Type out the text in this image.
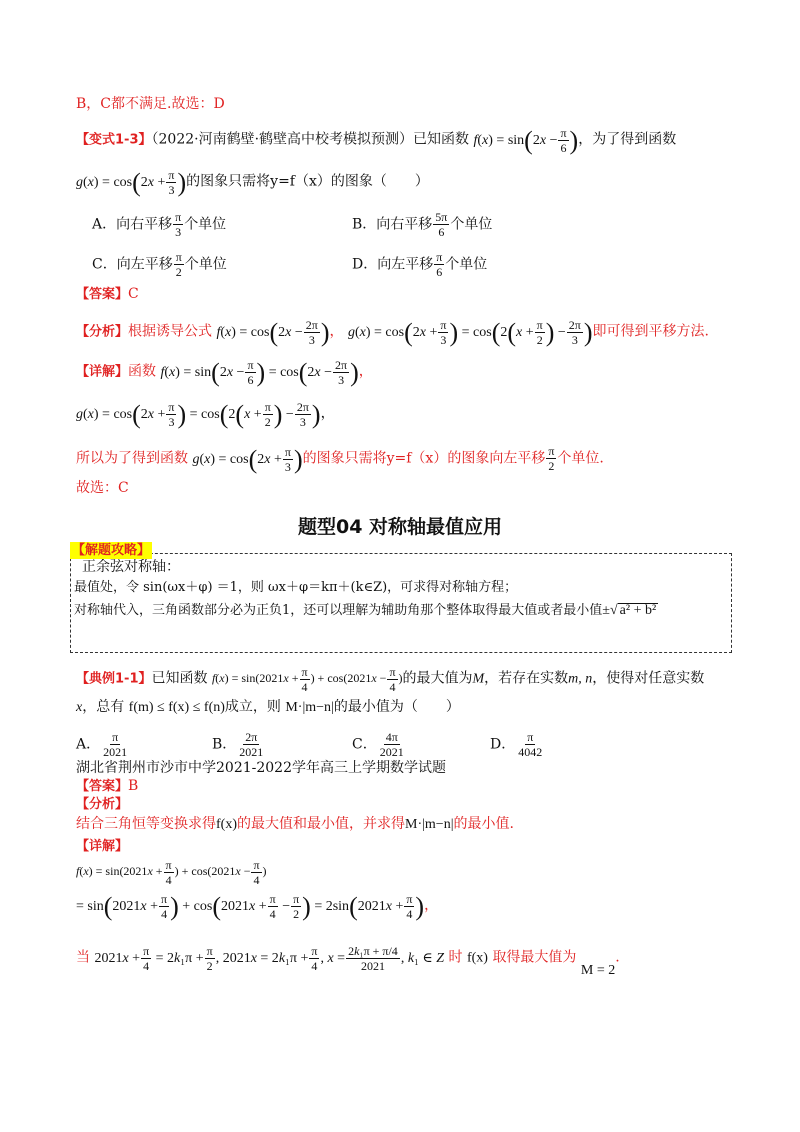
B，C都不满足.故选：D
【变式1-3】（2022·河南鹤壁·鹤壁高中校考模拟预测）已知函数 $f(x) = \sin(2x - \frac{\pi}{6}$ )，为了得到函数
$g(x) = \cos(2x + \frac{\pi}{3}$ )的图象只需将y=f（x）的图象（　　）
A．向右平移 $\frac{\pi}{3}$ 个单位	B．向右平移 $\frac{5\pi}{6}$ 个单位
C．向左平移 $\frac{\pi}{2}$ 个单位	D．向左平移 $\frac{\pi}{6}$ 个单位
【答案】C
【分析】根据诱导公式 $f(x) = \cos(2x - \frac{2\pi}{3}$ )， $g(x) = \cos(2x + \frac{\pi}{3}$ ) = $\cos(2(x + \frac{\pi}{2}$ ) − $\frac{2\pi}{3}$ )即可得到平移方法.
【详解】函数 $f(x) = \sin(2x - \frac{\pi}{6}$ ) = $\cos(2x - \frac{2\pi}{3}$ )，
$g(x) = \cos(2x + \frac{\pi}{3}$ ) = $\cos(2(x + \frac{\pi}{2}$ ) − $\frac{2\pi}{3}$ )，
所以为了得到函数 $g(x) = \cos(2x + \frac{\pi}{3}$ )的图象只需将y=f（x）的图象向左平移 $\frac{\pi}{2}$ 个单位.
故选：C
题型04 对称轴最值应用
【解题攻略】
正余弦对称轴：
最值处，令 sin(ωx＋φ) ＝1，则 ωx＋φ＝kπ＋(k∈Z)，可求得对称轴方程；
对称轴代入，三角函数部分必为正负1，还可以理解为辅助角那个整体取得最大值或者最小值±√ a² + b²
【典例1-1】已知函数 $f(x) = \sin(2021x + \frac{\pi}{4}$ ) + $\cos(2021x - \frac{\pi}{4}$ )的最大值为M，若存在实数m, n，使得对任意实数
x，总有 f(m) ≤ f(x) ≤ f(n)成立，则 M·|m−n|的最小值为（　　）
A． $\frac{\pi}{2021}$	B． $\frac{2\pi}{2021}$	C． $\frac{4\pi}{2021}$	D． $\frac{\pi}{4042}$
湖北省荆州市沙市中学2021-2022学年高三上学期数学试题
【答案】B
【分析】
结合三角恒等变换求得f(x)的最大值和最小值，并求得M·|m−n|的最小值.
【详解】
$f(x) = \sin(2021x + \frac{\pi}{4}$ ) + $\cos(2021x - \frac{\pi}{4}$ )
= $\sin(2021x + \frac{\pi}{4}$ ) + $\cos(2021x + \frac{\pi}{4} - \frac{\pi}{2}$ ) = $2\sin(2021x + \frac{\pi}{4}$ )，
当 $2021x + \frac{\pi}{4} = 2k_1\pi + \frac{\pi}{2}$ , $2021x = 2k_1\pi + \frac{\pi}{4}$ , $x = \frac{\text{2k₁π + π/4}}{2021}$ , k₁ ∈ Z 时 f(x) 取得最大值为 M = 2.
